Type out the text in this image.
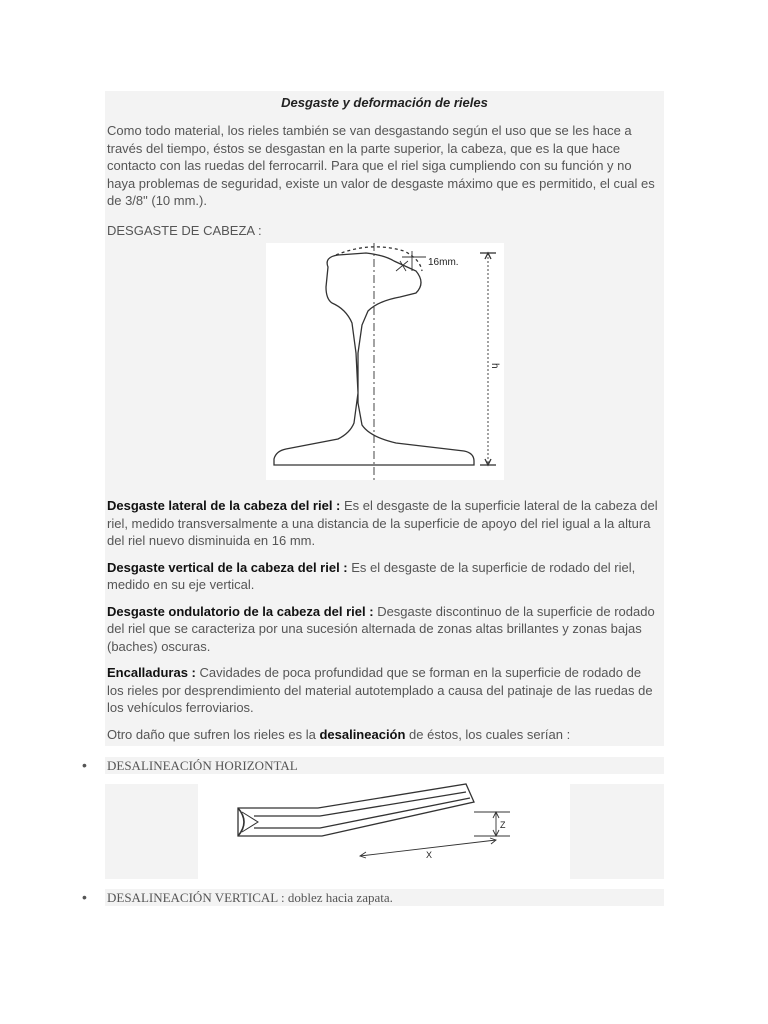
Desgaste y deformación de rieles

Como todo material, los rieles también se van desgastando según el uso que se les hace a través del tiempo, éstos se desgastan en la parte superior, la cabeza, que es la que hace contacto con las ruedas del ferrocarril. Para que el riel siga cumpliendo con su función y no haya problemas de seguridad, existe un valor de desgaste máximo que es permitido, el cual es de 3/8" (10 mm.).

DESGASTE DE CABEZA :

16mm.
h

Desgaste lateral de la cabeza del riel : Es el desgaste de la superficie lateral de la cabeza del riel, medido transversalmente a una distancia de la superficie de apoyo del riel igual a la altura del riel nuevo disminuida en 16 mm.

Desgaste vertical de la cabeza del riel : Es el desgaste de la superficie de rodado del riel, medido en su eje vertical.

Desgaste ondulatorio de la cabeza del riel : Desgaste discontinuo de la superficie de rodado del riel que se caracteriza por una sucesión alternada de zonas altas brillantes y zonas bajas (baches) oscuras.

Encalladuras : Cavidades de poca profundidad que se forman en la superficie de rodado de los rieles por desprendimiento del material autotemplado a causa del patinaje de las ruedas de los vehículos ferroviarios.

Otro daño que sufren los rieles es la desalineación de éstos, los cuales serían :

• DESALINEACIÓN HORIZONTAL
Z
X
• DESALINEACIÓN VERTICAL : doblez hacia zapata.
